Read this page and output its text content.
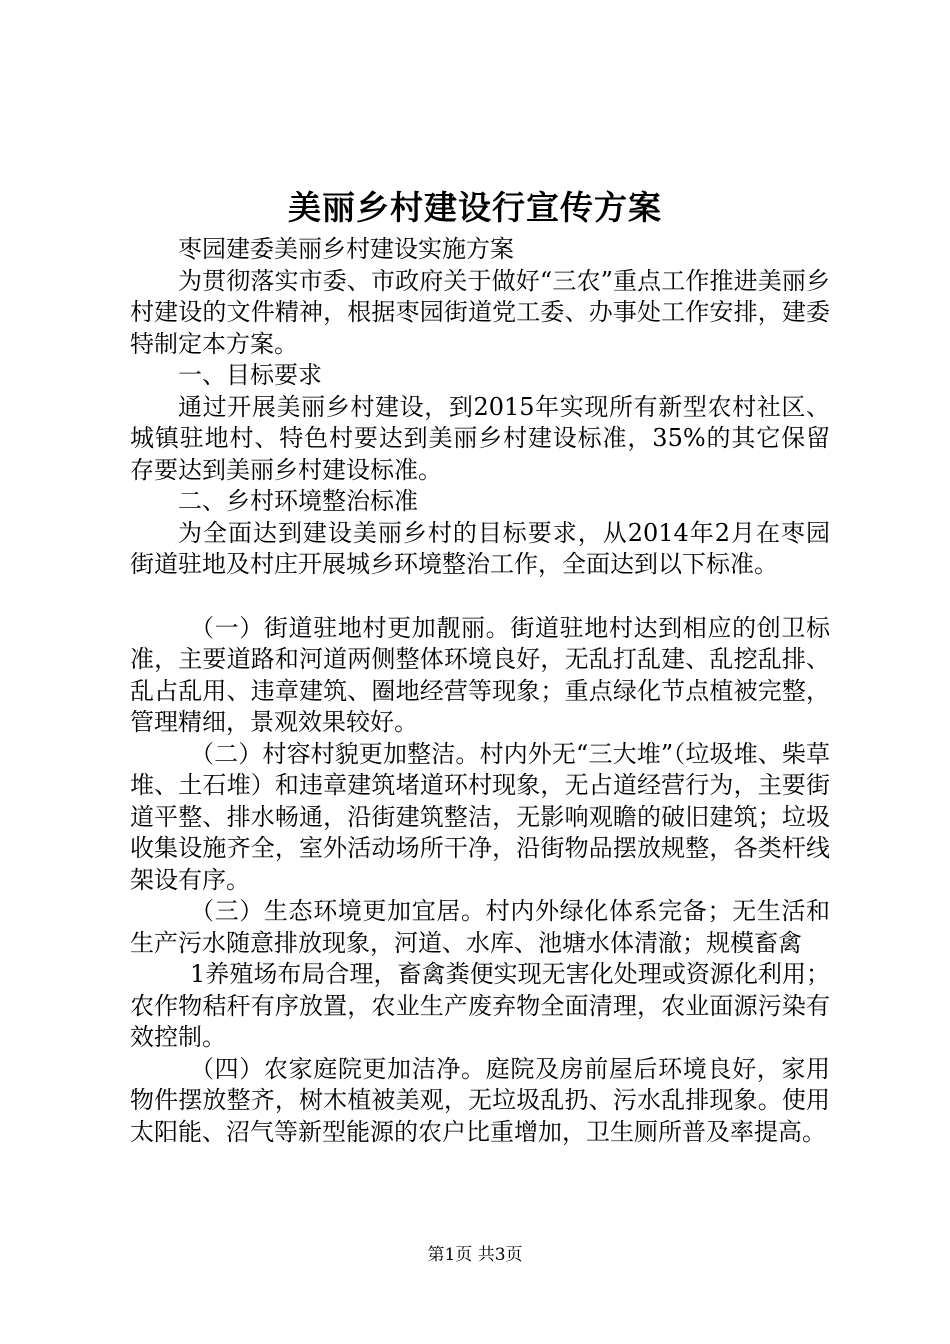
美丽乡村建设行宣传方案

枣园建委美丽乡村建设实施方案

为贯彻落实市委、市政府关于做好“三农”重点工作推进美丽乡村建设的文件精神，根据枣园街道党工委、办事处工作安排，建委特制定本方案。

一、目标要求

通过开展美丽乡村建设，到2015年实现所有新型农村社区、城镇驻地村、特色村要达到美丽乡村建设标准，35%的其它保留存要达到美丽乡村建设标准。

二、乡村环境整治标准

为全面达到建设美丽乡村的目标要求，从2014年2月在枣园街道驻地及村庄开展城乡环境整治工作，全面达到以下标准。

（一）街道驻地村更加靓丽。街道驻地村达到相应的创卫标准，主要道路和河道两侧整体环境良好，无乱打乱建、乱挖乱排、乱占乱用、违章建筑、圈地经营等现象；重点绿化节点植被完整，管理精细，景观效果较好。

（二）村容村貌更加整洁。村内外无“三大堆”（垃圾堆、柴草堆、土石堆）和违章建筑堵道环村现象，无占道经营行为，主要街道平整、排水畅通，沿街建筑整洁，无影响观瞻的破旧建筑；垃圾收集设施齐全，室外活动场所干净，沿街物品摆放规整，各类杆线架设有序。

（三）生态环境更加宜居。村内外绿化体系完备；无生活和生产污水随意排放现象，河道、水库、池塘水体清澈；规模畜禽

1养殖场布局合理，畜禽粪便实现无害化处理或资源化利用；农作物秸秆有序放置，农业生产废弃物全面清理，农业面源污染有效控制。

（四）农家庭院更加洁净。庭院及房前屋后环境良好，家用物件摆放整齐，树木植被美观，无垃圾乱扔、污水乱排现象。使用太阳能、沼气等新型能源的农户比重增加，卫生厕所普及率提高。

第1页 共3页
